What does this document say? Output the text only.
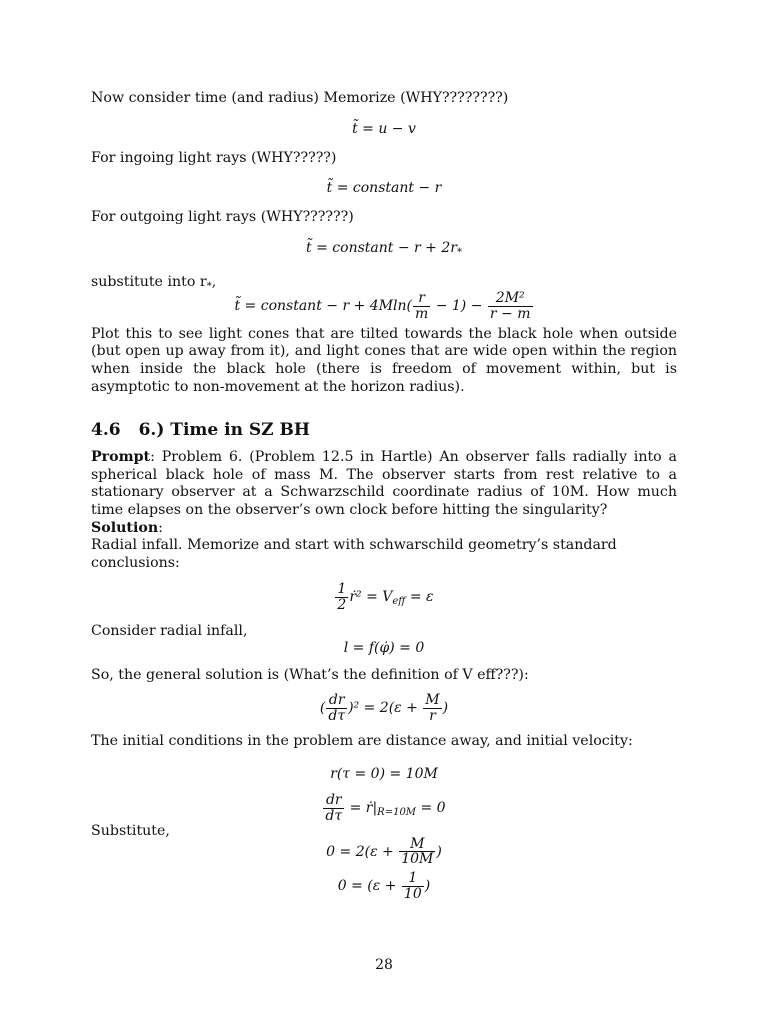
Now consider time (and radius) Memorize (WHY????????)

t̃ = u − v

For ingoing light rays (WHY?????)

t̃ = constant − r

For outgoing light rays (WHY??????)

t̃ = constant − $r + 2r_*$

substitute into $r_*$,

t̃ = constant − $r + 4Mln( \frac{r}{m} - 1) - \frac{\text{2M²}}{r - m}$

Plot this to see light cones that are tilted towards the black hole when outside (but open up away from it), and light cones that are wide open within the region when inside the black hole (there is freedom of movement within, but is asymptotic to non-movement at the horizon radius).

4.6 6.) Time in SZ BH

Prompt: Problem 6. (Problem 12.5 in Hartle) An observer falls radially into a spherical black hole of mass M. The observer starts from rest relative to a stationary observer at a Schwarzschild coordinate radius of 10M. How much time elapses on the observer’s own clock before hitting the singularity?

Solution:

Radial infall. Memorize and start with schwarschild geometry’s standard conclusions:

$\frac{1}{2}$ ṙ² = $V_{eff} = \varepsilon$

Consider radial infall,

l = f(φ̇) = 0

So, the general solution is (What’s the definition of V eff???):

( $\frac{dr}{d\tau} )^2 = 2(\varepsilon + \frac{M}{r}$ )

The initial conditions in the problem are distance away, and initial velocity:

r(τ = 0) = 10M

$\frac{dr}{d\tau}$ = $ṙ|_{R=10M} = 0$

Substitute,

$0 = 2(\varepsilon + \frac{M}{10M}$ )

$0 = (\varepsilon + \frac{1}{10}$ )

28
